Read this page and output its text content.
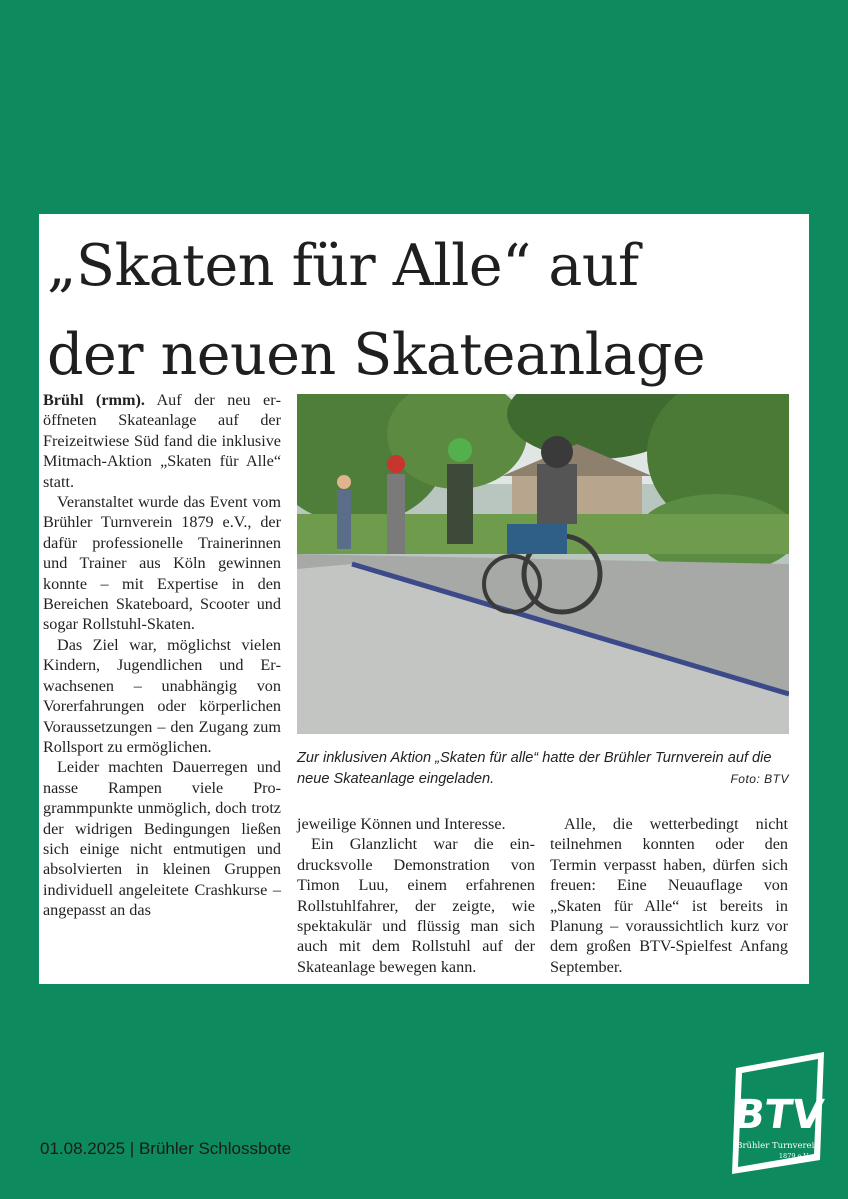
„Skaten für Alle“ auf
der neuen Skateanlage

Brühl (rmm). Auf der neu eröffneten Skateanlage auf der Freizeitwiese Süd fand die inklusive Mitmach-Aktion „Skaten für Alle“ statt.

Veranstaltet wurde das Event vom Brühler Turnverein 1879 e.V., der dafür professionelle Trainerinnen und Trainer aus Köln gewinnen konnte – mit Expertise in den Bereichen Skateboard, Scooter und sogar Rollstuhl-Skaten.

Das Ziel war, möglichst vielen Kindern, Jugendlichen und Erwachsenen – unabhängig von Vorerfahrungen oder körperlichen Voraussetzungen – den Zugang zum Rollsport zu ermöglichen.

Leider machten Dauerregen und nasse Rampen viele Programmpunkte unmöglich, doch trotz der widrigen Bedingungen ließen sich einige nicht entmutigen und absolvierten in kleinen Gruppen individuell angeleitete Crashkurse – angepasst an das

Zur inklusiven Aktion „Skaten für alle“ hatte der Brühler Turnverein auf die neue Skateanlage eingeladen.	Foto: BTV

jeweilige Können und Interesse.

Ein Glanzlicht war die eindrucksvolle Demonstration von Timon Luu, einem erfahrenen Rollstuhlfahrer, der zeigte, wie spektakulär und flüssig man sich auch mit dem Rollstuhl auf der Skateanlage bewegen kann.

Alle, die wetterbedingt nicht teilnehmen konnten oder den Termin verpasst haben, dürfen sich freuen: Eine Neuauflage von „Skaten für Alle“ ist bereits in Planung – voraussichtlich kurz vor dem großen BTV-Spielfest Anfang September.

01.08.2025 | Brühler Schlossbote
BTV
Brühler Turnverein
1879 e.V.
